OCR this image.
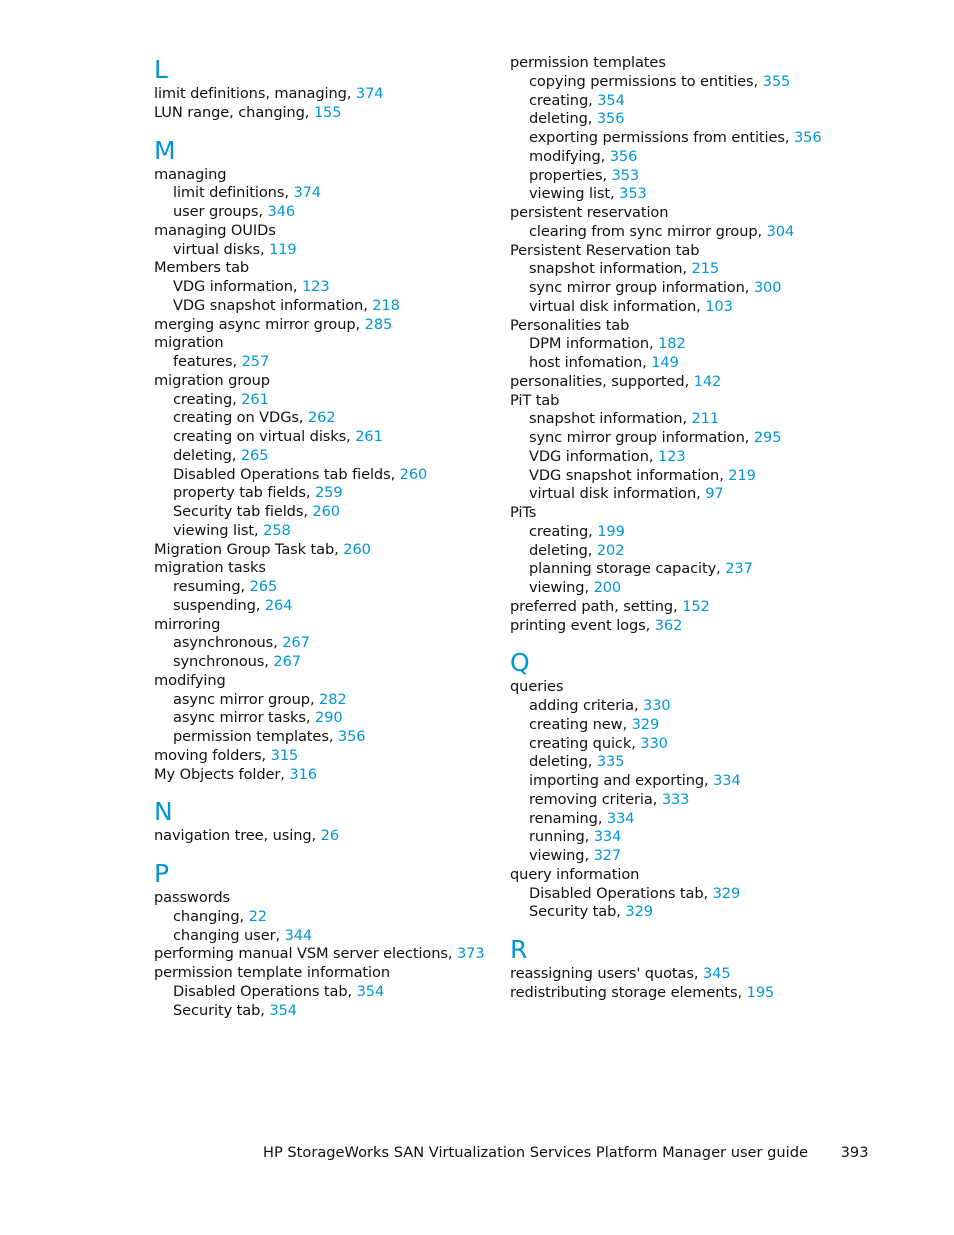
L
limit definitions, managing, 374
LUN range, changing, 155
M
managing
limit definitions, 374
user groups, 346
managing OUIDs
virtual disks, 119
Members tab
VDG information, 123
VDG snapshot information, 218
merging async mirror group, 285
migration
features, 257
migration group
creating, 261
creating on VDGs, 262
creating on virtual disks, 261
deleting, 265
Disabled Operations tab fields, 260
property tab fields, 259
Security tab fields, 260
viewing list, 258
Migration Group Task tab, 260
migration tasks
resuming, 265
suspending, 264
mirroring
asynchronous, 267
synchronous, 267
modifying
async mirror group, 282
async mirror tasks, 290
permission templates, 356
moving folders, 315
My Objects folder, 316
N
navigation tree, using, 26
P
passwords
changing, 22
changing user, 344
performing manual VSM server elections, 373
permission template information
Disabled Operations tab, 354
Security tab, 354
permission templates
copying permissions to entities, 355
creating, 354
deleting, 356
exporting permissions from entities, 356
modifying, 356
properties, 353
viewing list, 353
persistent reservation
clearing from sync mirror group, 304
Persistent Reservation tab
snapshot information, 215
sync mirror group information, 300
virtual disk information, 103
Personalities tab
DPM information, 182
host infomation, 149
personalities, supported, 142
PiT tab
snapshot information, 211
sync mirror group information, 295
VDG information, 123
VDG snapshot information, 219
virtual disk information, 97
PiTs
creating, 199
deleting, 202
planning storage capacity, 237
viewing, 200
preferred path, setting, 152
printing event logs, 362
Q
queries
adding criteria, 330
creating new, 329
creating quick, 330
deleting, 335
importing and exporting, 334
removing criteria, 333
renaming, 334
running, 334
viewing, 327
query information
Disabled Operations tab, 329
Security tab, 329
R
reassigning users' quotas, 345
redistributing storage elements, 195
HP StorageWorks SAN Virtualization Services Platform Manager user guide 393
